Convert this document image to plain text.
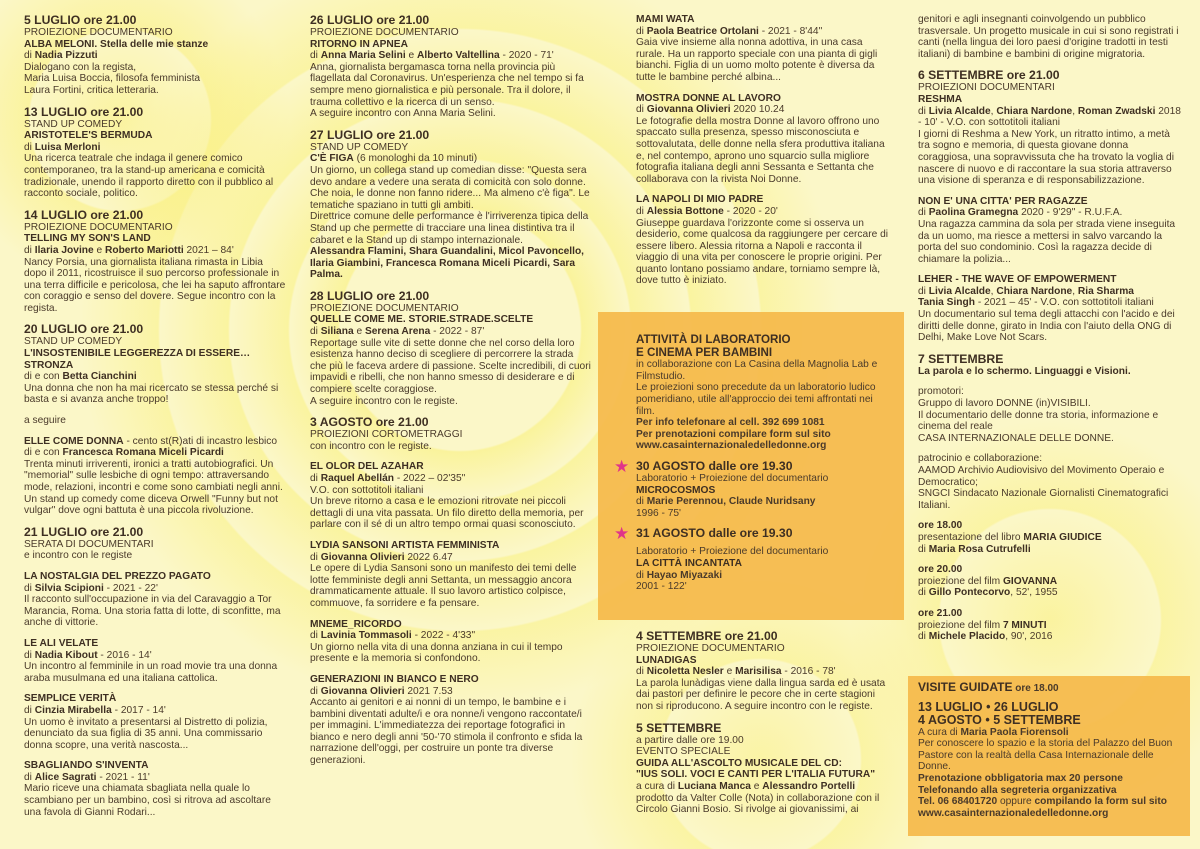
5 LUGLIO ore 21.00
PROIEZIONE DOCUMENTARIO
ALBA MELONI. Stella delle mie stanze
di Nadia Pizzuti
Dialogano con la regista,
Maria Luisa Boccia, filosofa femminista
Laura Fortini, critica letteraria.
13 LUGLIO ore 21.00
STAND UP COMEDY
ARISTOTELE'S BERMUDA
di Luisa Merloni
Una ricerca teatrale che indaga il genere comico contemporaneo, tra la stand-up americana e comicità tradizionale, unendo il rapporto diretto con il pubblico al racconto sociale, politico.
14 LUGLIO ore 21.00
PROIEZIONE DOCUMENTARIO
TELLING MY SON'S LAND
di Ilaria Jovine e Roberto Mariotti 2021 – 84'
Nancy Porsia, una giornalista italiana rimasta in Libia dopo il 2011, ricostruisce il suo percorso professionale in una terra difficile e pericolosa, che lei ha saputo affrontare con coraggio e senso del dovere. Segue incontro con la regista.
20 LUGLIO ore 21.00
STAND UP COMEDY
L'INSOSTENIBILE LEGGEREZZA DI ESSERE… STRONZA
di e con Betta Cianchini
Una donna che non ha mai ricercato se stessa perché si basta e si avanza anche troppo!
a seguire
ELLE COME DONNA - cento st(R)ati di incastro lesbico
di e con Francesca Romana Miceli Picardi
Trenta minuti irriverenti, ironici a tratti autobiografici. Un "memorial" sulle lesbiche di ogni tempo: attraversando mode, relazioni, incontri e come sono cambiati negli anni. Un stand up comedy come diceva Orwell "Funny but not vulgar" dove ogni battuta è una piccola rivoluzione.
21 LUGLIO ore 21.00
SERATA DI DOCUMENTARI
e incontro con le registe
LA NOSTALGIA DEL PREZZO PAGATO
di Silvia Scipioni - 2021 - 22'
Il racconto sull'occupazione in via del Caravaggio a Tor Marancia, Roma. Una storia fatta di lotte, di sconfitte, ma anche di vittorie.
LE ALI VELATE
di Nadia Kibout - 2016 - 14'
Un incontro al femminile in un road movie tra una donna araba musulmana ed una italiana cattolica.
SEMPLICE VERITÀ
di Cinzia Mirabella - 2017 - 14'
Un uomo è invitato a presentarsi al Distretto di polizia, denunciato da sua figlia di 35 anni. Una commissario donna scopre, una verità nascosta...
SBAGLIANDO S'INVENTA
di Alice Sagrati - 2021 - 11'
Mario riceve una chiamata sbagliata nella quale lo scambiano per un bambino, così si ritrova ad ascoltare una favola di Gianni Rodari...
26 LUGLIO ore 21.00
PROIEZIONE DOCUMENTARIO
RITORNO IN APNEA
di Anna Maria Selini e Alberto Valtellina - 2020 - 71'
Anna, giornalista bergamasca torna nella provincia più flagellata dal Coronavirus. Un'esperienza che nel tempo si fa sempre meno giornalistica e più personale. Tra il dolore, il trauma collettivo e la ricerca di un senso.
A seguire incontro con Anna Maria Selini.
27 LUGLIO ore 21.00
STAND UP COMEDY
C'È FIGA (6 monologhi da 10 minuti)
Un giorno, un collega stand up comedian disse: "Questa sera devo andare a vedere una serata di comicità con solo donne. Che noia, le donne non fanno ridere... Ma almeno c'è figa". Le tematiche spaziano in tutti gli ambiti.
Direttrice comune delle performance è l'irriverenza tipica della Stand up che permette di tracciare una linea distintiva tra il cabaret e la Stand up di stampo internazionale.
Alessandra Flamini, Shara Guandalini, Micol Pavoncello, Ilaria Giambini, Francesca Romana Miceli Picardi, Sara Palma.
28 LUGLIO ore 21.00
PROIEZIONE DOCUMENTARIO
QUELLE COME ME. STORIE.STRADE.SCELTE
di Siliana e Serena Arena - 2022 - 87'
Reportage sulle vite di sette donne che nel corso della loro esistenza hanno deciso di scegliere di percorrere la strada che più le faceva ardere di passione. Scelte incredibili, di cuori impavidi e ribelli, che non hanno smesso di desiderare e di compiere scelte coraggiose.
A seguire incontro con le registe.
3 AGOSTO ore 21.00
PROIEZIONI CORTOMETRAGGI
con incontro con le registe.
EL OLOR DEL AZAHAR
di Raquel Abellán - 2022 – 02'35"
V.O. con sottotitoli italiani
Un breve ritorno a casa e le emozioni ritrovate nei piccoli dettagli di una vita passata. Un filo diretto della memoria, per parlare con il sé di un altro tempo ormai quasi sconosciuto.
LYDIA SANSONI ARTISTA FEMMINISTA
di Giovanna Olivieri 2022 6.47
Le opere di Lydia Sansoni sono un manifesto dei temi delle lotte femministe degli anni Settanta, un messaggio ancora drammaticamente attuale. Il suo lavoro artistico colpisce, commuove, fa sorridere e fa pensare.
MNEME_RICORDO
di Lavinia Tommasoli - 2022 - 4'33"
Un giorno nella vita di una donna anziana in cui il tempo presente e la memoria si confondono.
GENERAZIONI IN BIANCO E NERO
di Giovanna Olivieri 2021 7.53
Accanto ai genitori e ai nonni di un tempo, le bambine e i bambini diventati adulte/i e ora nonne/i vengono raccontate/i per immagini. L'immediatezza dei reportage fotografici in bianco e nero degli anni '50-'70 stimola il confronto e sfida la narrazione dell'oggi, per costruire un ponte tra diverse generazioni.
MAMI WATA
di Paola Beatrice Ortolani - 2021 - 8'44"
Gaia vive insieme alla nonna adottiva, in una casa rurale. Ha un rapporto speciale con una pianta di gigli bianchi. Figlia di un uomo molto potente è diversa da tutte le bambine perché albina...
MOSTRA DONNE AL LAVORO
di Giovanna Olivieri 2020 10.24
Le fotografie della mostra Donne al lavoro offrono uno spaccato sulla presenza, spesso misconosciuta e sottovalutata, delle donne nella sfera produttiva italiana e, nel contempo, aprono uno squarcio sulla migliore fotografia italiana degli anni Sessanta e Settanta che collaborava con la rivista Noi Donne.
LA NAPOLI DI MIO PADRE
di Alessia Bottone - 2020 - 20'
Giuseppe guardava l'orizzonte come si osserva un desiderio, come qualcosa da raggiungere per cercare di essere libero. Alessia ritorna a Napoli e racconta il viaggio di una vita per conoscere le proprie origini. Per quanto lontano possiamo andare, torniamo sempre là, dove tutto è iniziato.
ATTIVITÀ DI LABORATORIO
E CINEMA PER BAMBINI
in collaborazione con La Casina della Magnolia Lab e Filmstudio.
Le proiezioni sono precedute da un laboratorio ludico pomeridiano, utile all'approccio dei temi affrontati nei film.
Per info telefonare al cell. 392 699 1081
Per prenotazioni compilare form sul sito www.casainternazionaledelledonne.org
★ 30 AGOSTO dalle ore 19.30
Laboratorio + Proiezione del documentario
MICROCOSMOS
di Marie Perennou, Claude Nuridsany
1996 - 75'
★ 31 AGOSTO dalle ore 19.30
Laboratorio + Proiezione del documentario
LA CITTÀ INCANTATA
di Hayao Miyazaki
2001 - 122'
4 SETTEMBRE ore 21.00
PROIEZIONE DOCUMENTARIO
LUNADIGAS
di Nicoletta Nesler e Marisilisa - 2016 - 78'
La parola lunàdigas viene dalla lingua sarda ed è usata dai pastori per definire le pecore che in certe stagioni non si riproducono. A seguire incontro con le registe.
5 SETTEMBRE
a partire dalle ore 19.00
EVENTO SPECIALE
GUIDA ALL'ASCOLTO MUSICALE DEL CD:
"IUS SOLI. VOCI E CANTI PER L'ITALIA FUTURA"
a cura di Luciana Manca e Alessandro Portelli
prodotto da Valter Colle (Nota) in collaborazione con il Circolo Gianni Bosio. Si rivolge ai giovanissimi, ai
genitori e agli insegnanti coinvolgendo un pubblico trasversale. Un progetto musicale in cui si sono registrati i canti (nella lingua dei loro paesi d'origine tradotti in testi italiani) di bambine e bambini di origine migratoria.
6 SETTEMBRE ore 21.00
PROIEZIONI DOCUMENTARI
RESHMA
di Livia Alcalde, Chiara Nardone, Roman Zwadski 2018 - 10' - V.O. con sottotitoli italiani
I giorni di Reshma a New York, un ritratto intimo, a metà tra sogno e memoria, di questa giovane donna coraggiosa, una sopravvissuta che ha trovato la voglia di nascere di nuovo e di raccontare la sua storia attraverso una visione di speranza e di responsabilizzazione.
NON E' UNA CITTA' PER RAGAZZE
di Paolina Gramegna 2020 - 9'29" - R.U.F.A.
Una ragazza cammina da sola per strada viene inseguita da un uomo, ma riesce a mettersi in salvo varcando la porta del suo condominio. Così la ragazza decide di chiamare la polizia...
LEHER - THE WAVE OF EMPOWERMENT
di Livia Alcalde, Chiara Nardone, Ria Sharma
Tania Singh - 2021 – 45' - V.O. con sottotitoli italiani
Un documentario sul tema degli attacchi con l'acido e dei diritti delle donne, girato in India con l'aiuto della ONG di Delhi, Make Love Not Scars.
7 SETTEMBRE
La parola e lo schermo. Linguaggi e Visioni.
promotori:
Gruppo di lavoro DONNE (in)VISIBILI.
Il documentario delle donne tra storia, informazione e cinema del reale
CASA INTERNAZIONALE DELLE DONNE.
patrocinio e collaborazione:
AAMOD Archivio Audiovisivo del Movimento Operaio e Democratico;
SNGCI Sindacato Nazionale Giornalisti Cinematografici Italiani.
ore 18.00
presentazione del libro MARIA GIUDICE
di Maria Rosa Cutrufelli
ore 20.00
proiezione del film GIOVANNA
di Gillo Pontecorvo, 52', 1955
ore 21.00
proiezione del film 7 MINUTI
di Michele Placido, 90', 2016
VISITE GUIDATE ore 18.00
13 LUGLIO • 26 LUGLIO
4 AGOSTO • 5 SETTEMBRE
A cura di Maria Paola Fiorensoli
Per conoscere lo spazio e la storia del Palazzo del Buon Pastore con la realtà della Casa Internazionale delle Donne.
Prenotazione obbligatoria max 20 persone
Telefonando alla segreteria organizzativa
Tel. 06 68401720 oppure compilando la form sul sito
www.casainternazionaledelledonne.org
